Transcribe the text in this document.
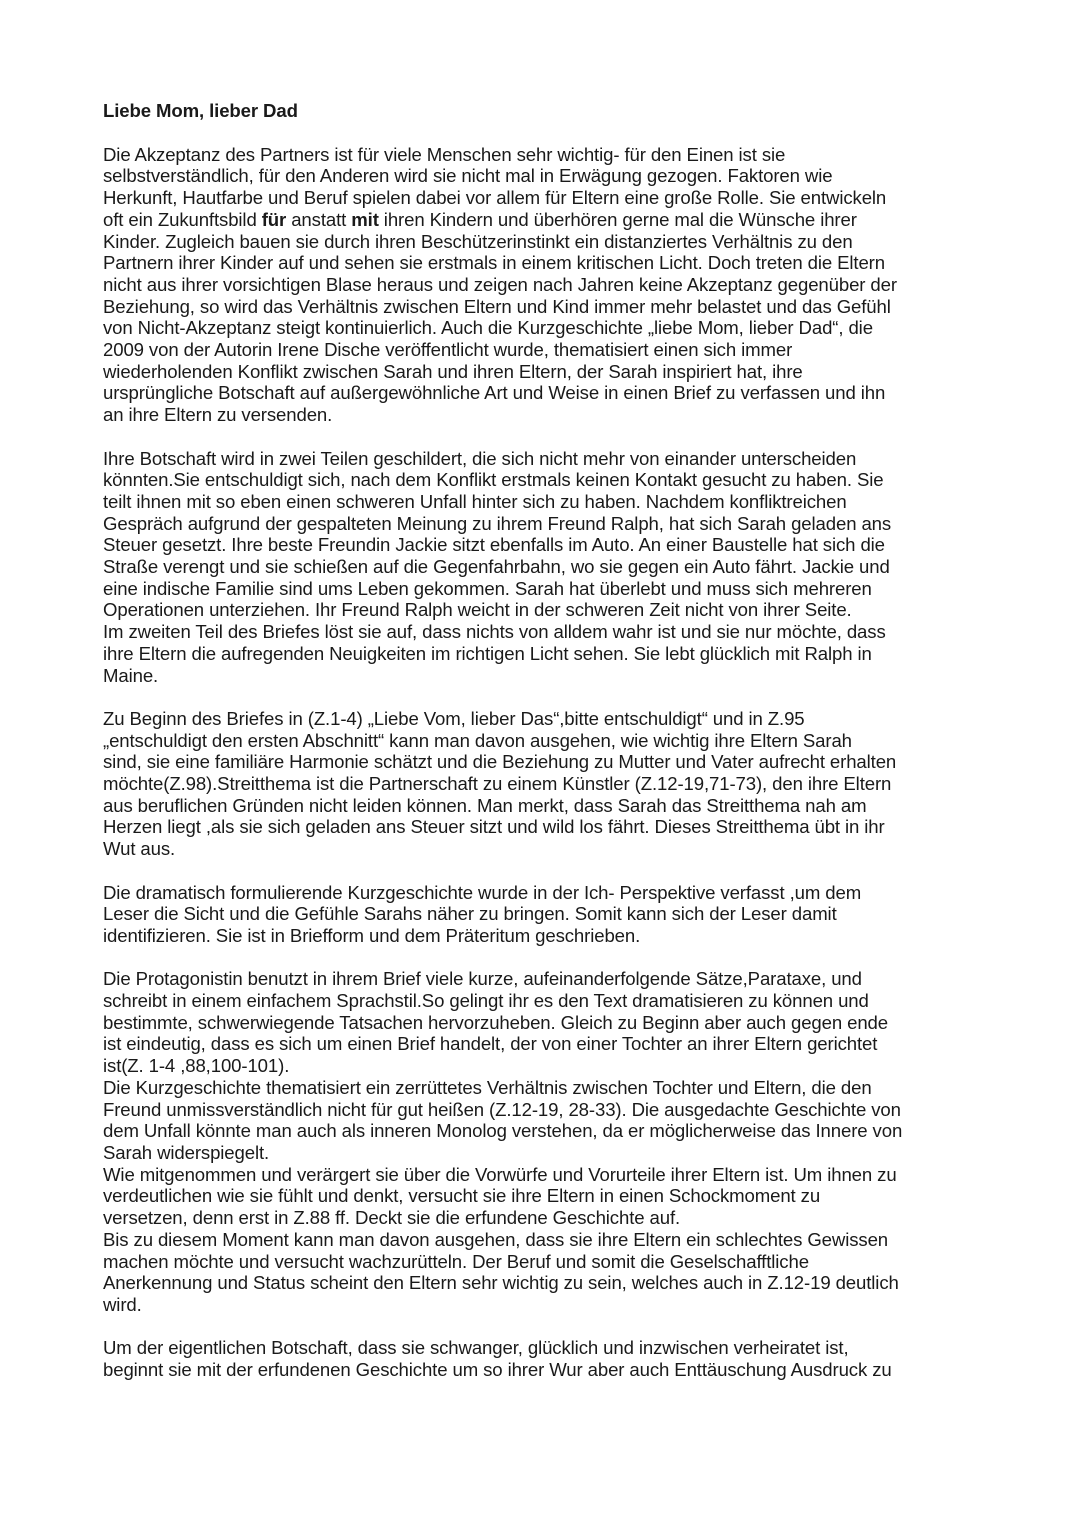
Liebe Mom, lieber Dad
Die Akzeptanz des Partners ist für viele Menschen sehr wichtig- für den Einen ist sie
selbstverständlich, für den Anderen wird sie nicht mal in Erwägung gezogen. Faktoren wie
Herkunft, Hautfarbe und Beruf spielen dabei vor allem für Eltern eine große Rolle. Sie entwickeln
oft ein Zukunftsbild für anstatt mit ihren Kindern und überhören gerne mal die Wünsche ihrer
Kinder. Zugleich bauen sie durch ihren Beschützerinstinkt ein distanziertes Verhältnis zu den
Partnern ihrer Kinder auf und sehen sie erstmals in einem kritischen Licht. Doch treten die Eltern
nicht aus ihrer vorsichtigen Blase heraus und zeigen nach Jahren keine Akzeptanz gegenüber der
Beziehung, so wird das Verhältnis zwischen Eltern und Kind immer mehr belastet und das Gefühl
von Nicht-Akzeptanz steigt kontinuierlich. Auch die Kurzgeschichte „liebe Mom, lieber Dad“, die
2009 von der Autorin Irene Dische veröffentlicht wurde, thematisiert einen sich immer
wiederholenden Konflikt zwischen Sarah und ihren Eltern, der Sarah inspiriert hat, ihre
ursprüngliche Botschaft auf außergewöhnliche Art und Weise in einen Brief zu verfassen und ihn
an ihre Eltern zu versenden.
Ihre Botschaft wird in zwei Teilen geschildert, die sich nicht mehr von einander unterscheiden
könnten.Sie entschuldigt sich, nach dem Konflikt erstmals keinen Kontakt gesucht zu haben. Sie
teilt ihnen mit so eben einen schweren Unfall hinter sich zu haben. Nachdem konfliktreichen
Gespräch aufgrund der gespalteten Meinung zu ihrem Freund Ralph, hat sich Sarah geladen ans
Steuer gesetzt. Ihre beste Freundin Jackie sitzt ebenfalls im Auto. An einer Baustelle hat sich die
Straße verengt und sie schießen auf die Gegenfahrbahn, wo sie gegen ein Auto fährt. Jackie und
eine indische Familie sind ums Leben gekommen. Sarah hat überlebt und muss sich mehreren
Operationen unterziehen. Ihr Freund Ralph weicht in der schweren Zeit nicht von ihrer Seite.
Im zweiten Teil des Briefes löst sie auf, dass nichts von alldem wahr ist und sie nur möchte, dass
ihre Eltern die aufregenden Neuigkeiten im richtigen Licht sehen. Sie lebt glücklich mit Ralph in
Maine.
Zu Beginn des Briefes in (Z.1-4) „Liebe Vom, lieber Das“,bitte entschuldigt“ und in Z.95
„entschuldigt den ersten Abschnitt“ kann man davon ausgehen, wie wichtig ihre Eltern Sarah
sind, sie eine familiäre Harmonie schätzt und die Beziehung zu Mutter und Vater aufrecht erhalten
möchte(Z.98).Streitthema ist die Partnerschaft zu einem Künstler (Z.12-19,71-73), den ihre Eltern
aus beruflichen Gründen nicht leiden können. Man merkt, dass Sarah das Streitthema nah am
Herzen liegt ,als sie sich geladen ans Steuer sitzt und wild los fährt. Dieses Streitthema übt in ihr
Wut aus.
Die dramatisch formulierende Kurzgeschichte wurde in der Ich- Perspektive verfasst ,um dem
Leser die Sicht und die Gefühle Sarahs näher zu bringen. Somit kann sich der Leser damit
identifizieren. Sie ist in Briefform und dem Präteritum geschrieben.
Die Protagonistin benutzt in ihrem Brief viele kurze, aufeinanderfolgende Sätze,Parataxe, und
schreibt in einem einfachem Sprachstil.So gelingt ihr es den Text dramatisieren zu können und
bestimmte, schwerwiegende Tatsachen hervorzuheben. Gleich zu Beginn aber auch gegen ende
ist eindeutig, dass es sich um einen Brief handelt, der von einer Tochter an ihrer Eltern gerichtet
ist(Z. 1-4 ,88,100-101).
Die Kurzgeschichte thematisiert ein zerrüttetes Verhältnis zwischen Tochter und Eltern, die den
Freund unmissverständlich nicht für gut heißen (Z.12-19, 28-33). Die ausgedachte Geschichte von
dem Unfall könnte man auch als inneren Monolog verstehen, da er möglicherweise das Innere von
Sarah widerspiegelt.
Wie mitgenommen und verärgert sie über die Vorwürfe und Vorurteile ihrer Eltern ist. Um ihnen zu
verdeutlichen wie sie fühlt und denkt, versucht sie ihre Eltern in einen Schockmoment zu
versetzen, denn erst in Z.88 ff. Deckt sie die erfundene Geschichte auf.
Bis zu diesem Moment kann man davon ausgehen, dass sie ihre Eltern ein schlechtes Gewissen
machen möchte und versucht wachzurütteln. Der Beruf und somit die Geselschafftliche
Anerkennung und Status scheint den Eltern sehr wichtig zu sein, welches auch in Z.12-19 deutlich
wird.
Um der eigentlichen Botschaft, dass sie schwanger, glücklich und inzwischen verheiratet ist,
beginnt sie mit der erfundenen Geschichte um so ihrer Wur aber auch Enttäuschung Ausdruck zu
